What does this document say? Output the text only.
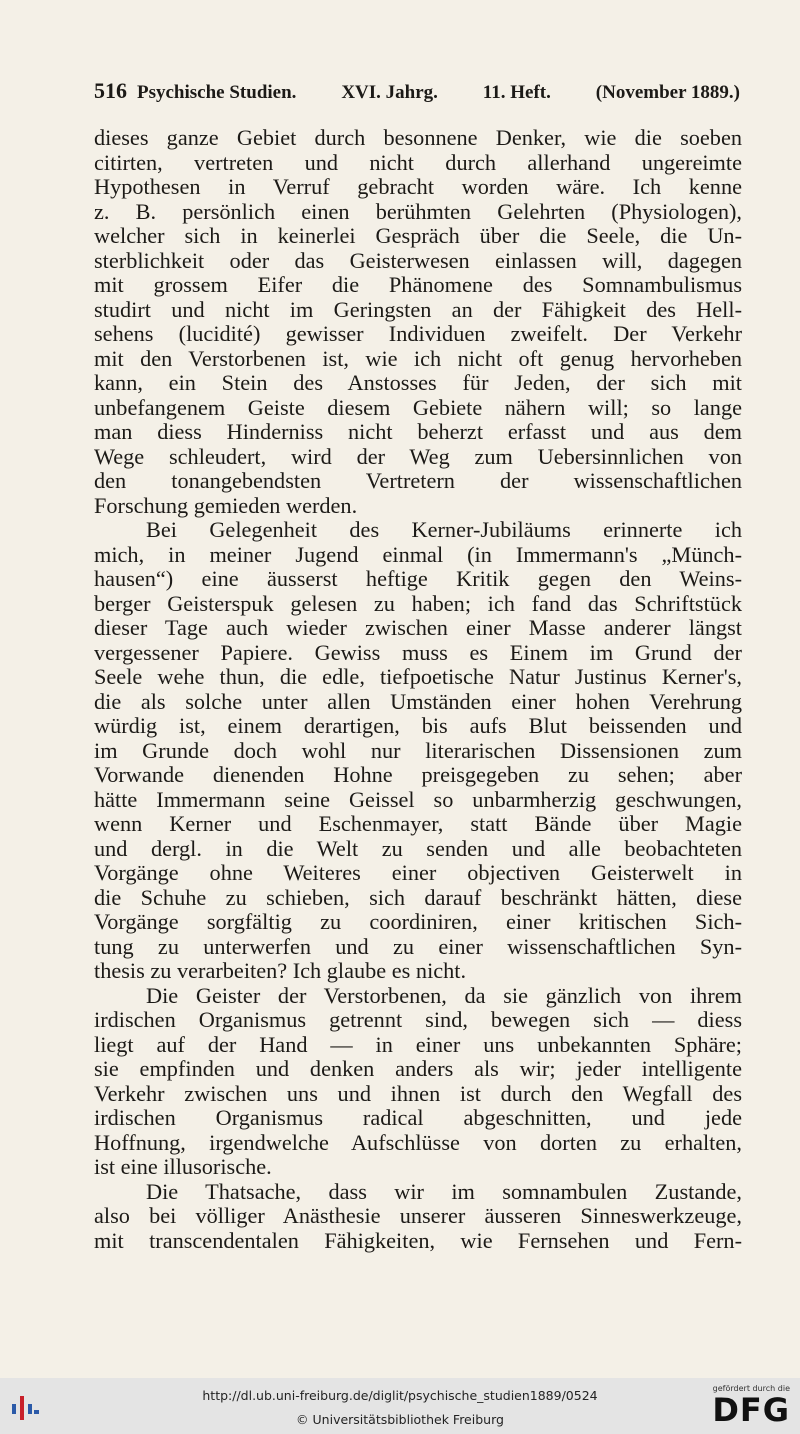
516 Psychische Studien. XVI. Jahrg. 11. Heft. (November 1889.)
dieses ganze Gebiet durch besonnene Denker, wie die soeben
citirten, vertreten und nicht durch allerhand ungereimte
Hypothesen in Verruf gebracht worden wäre. Ich kenne
z. B. persönlich einen berühmten Gelehrten (Physiologen),
welcher sich in keinerlei Gespräch über die Seele, die Un-
sterblichkeit oder das Geisterwesen einlassen will, dagegen
mit grossem Eifer die Phänomene des Somnambulismus
studirt und nicht im Geringsten an der Fähigkeit des Hell-
sehens (lucidité) gewisser Individuen zweifelt. Der Verkehr
mit den Verstorbenen ist, wie ich nicht oft genug hervorheben
kann, ein Stein des Anstosses für Jeden, der sich mit
unbefangenem Geiste diesem Gebiete nähern will; so lange
man diess Hinderniss nicht beherzt erfasst und aus dem
Wege schleudert, wird der Weg zum Uebersinnlichen von
den tonangebendsten Vertretern der wissenschaftlichen
Forschung gemieden werden.
Bei Gelegenheit des Kerner-Jubiläums erinnerte ich
mich, in meiner Jugend einmal (in Immermann's „Münch-
hausen“) eine äusserst heftige Kritik gegen den Weins-
berger Geisterspuk gelesen zu haben; ich fand das Schriftstück
dieser Tage auch wieder zwischen einer Masse anderer längst
vergessener Papiere. Gewiss muss es Einem im Grund der
Seele wehe thun, die edle, tiefpoetische Natur Justinus Kerner's,
die als solche unter allen Umständen einer hohen Verehrung
würdig ist, einem derartigen, bis aufs Blut beissenden und
im Grunde doch wohl nur literarischen Dissensionen zum
Vorwande dienenden Hohne preisgegeben zu sehen; aber
hätte Immermann seine Geissel so unbarmherzig geschwungen,
wenn Kerner und Eschenmayer, statt Bände über Magie
und dergl. in die Welt zu senden und alle beobachteten
Vorgänge ohne Weiteres einer objectiven Geisterwelt in
die Schuhe zu schieben, sich darauf beschränkt hätten, diese
Vorgänge sorgfältig zu coordiniren, einer kritischen Sich-
tung zu unterwerfen und zu einer wissenschaftlichen Syn-
thesis zu verarbeiten? Ich glaube es nicht.
Die Geister der Verstorbenen, da sie gänzlich von ihrem
irdischen Organismus getrennt sind, bewegen sich — diess
liegt auf der Hand — in einer uns unbekannten Sphäre;
sie empfinden und denken anders als wir; jeder intelligente
Verkehr zwischen uns und ihnen ist durch den Wegfall des
irdischen Organismus radical abgeschnitten, und jede
Hoffnung, irgendwelche Aufschlüsse von dorten zu erhalten,
ist eine illusorische.
Die Thatsache, dass wir im somnambulen Zustande,
also bei völliger Anästhesie unserer äusseren Sinneswerkzeuge,
mit transcendentalen Fähigkeiten, wie Fernsehen und Fern-
http://dl.ub.uni-freiburg.de/diglit/psychische_studien1889/0524
© Universitätsbibliothek Freiburg
gefördert durch die
DFG
